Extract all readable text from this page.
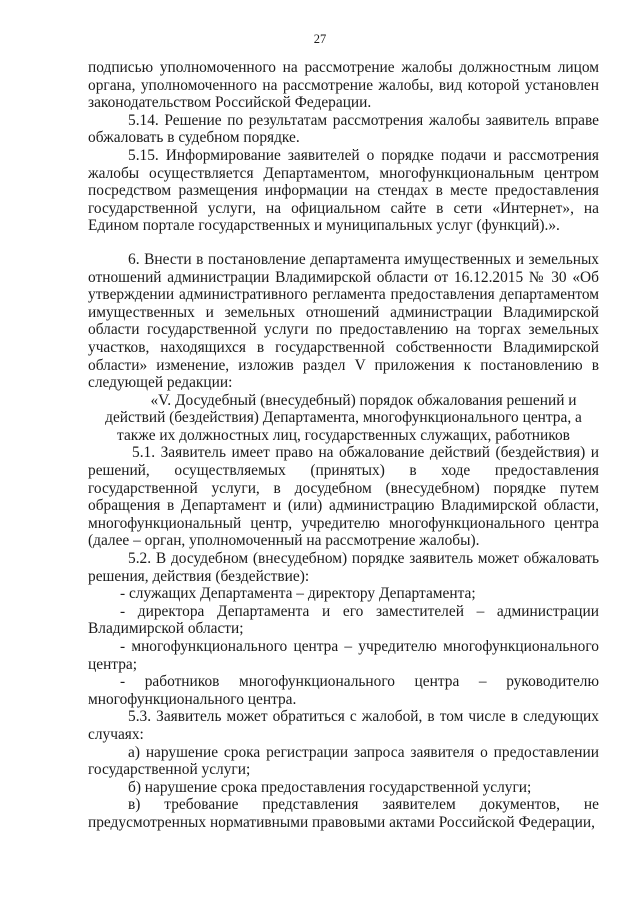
27

подписью уполномоченного на рассмотрение жалобы должностным лицом органа, уполномоченного на рассмотрение жалобы, вид которой установлен законодательством Российской Федерации.

5.14. Решение по результатам рассмотрения жалобы заявитель вправе обжаловать в судебном порядке.

5.15. Информирование заявителей о порядке подачи и рассмотрения жалобы осуществляется Департаментом, многофункциональным центром посредством размещения информации на стендах в месте предоставления государственной услуги, на официальном сайте в сети «Интернет», на Едином портале государственных и муниципальных услуг (функций).».

6. Внести в постановление департамента имущественных и земельных отношений администрации Владимирской области от 16.12.2015 № 30 «Об утверждении административного регламента предоставления департаментом имущественных и земельных отношений администрации Владимирской области государственной услуги по предоставлению на торгах земельных участков, находящихся в государственной собственности Владимирской области» изменение, изложив раздел V приложения к постановлению в следующей редакции:

«V. Досудебный (внесудебный) порядок обжалования решений и действий (бездействия) Департамента, многофункционального центра, а также их должностных лиц, государственных служащих, работников

5.1. Заявитель имеет право на обжалование действий (бездействия) и решений, осуществляемых (принятых) в ходе предоставления государственной услуги, в досудебном (внесудебном) порядке путем обращения в Департамент и (или) администрацию Владимирской области, многофункциональный центр, учредителю многофункционального центра (далее – орган, уполномоченный на рассмотрение жалобы).

5.2. В досудебном (внесудебном) порядке заявитель может обжаловать решения, действия (бездействие):

- служащих Департамента – директору Департамента;

- директора Департамента и его заместителей – администрации Владимирской области;

- многофункционального центра – учредителю многофункционального центра;

- работников многофункционального центра – руководителю многофункционального центра.

5.3. Заявитель может обратиться с жалобой, в том числе в следующих случаях:

а) нарушение срока регистрации запроса заявителя о предоставлении государственной услуги;

б) нарушение срока предоставления государственной услуги;

в) требование представления заявителем документов, не предусмотренных нормативными правовыми актами Российской Федерации,
